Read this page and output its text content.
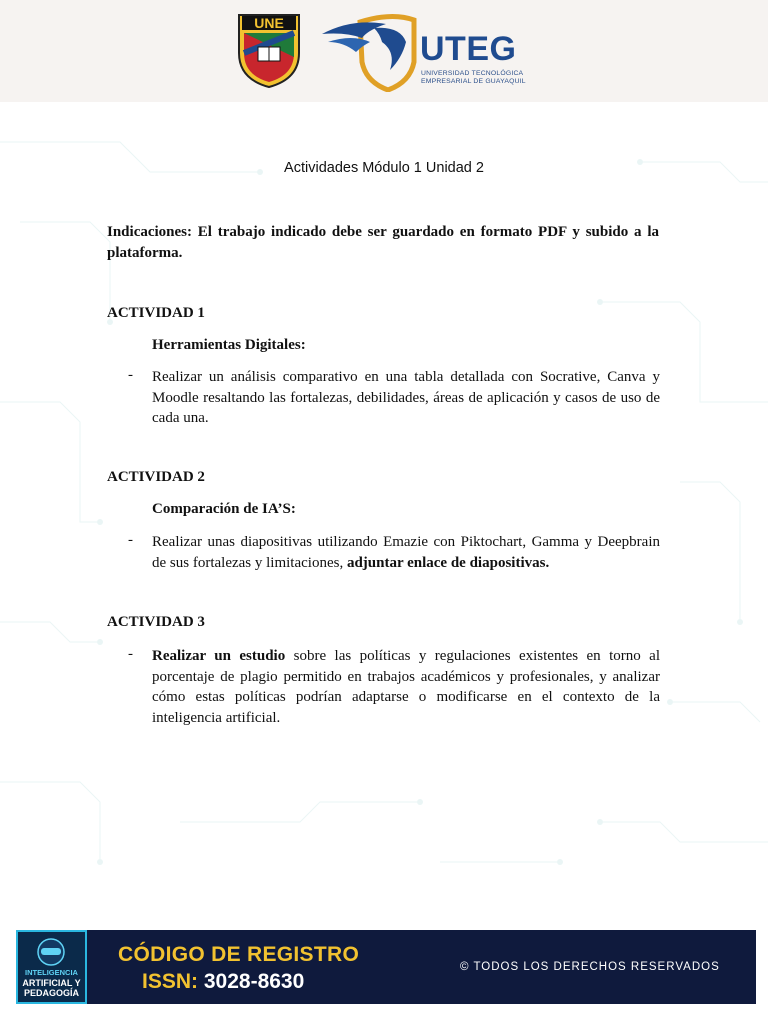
UNE
UTEG
UNIVERSIDAD TECNOLÓGICA
EMPRESARIAL DE GUAYAQUIL
Actividades Módulo 1 Unidad 2
Indicaciones: El trabajo indicado debe ser guardado en formato PDF y subido a la plataforma.
ACTIVIDAD 1
Herramientas Digitales:
- Realizar un análisis comparativo en una tabla detallada con Socrative, Canva y Moodle resaltando las fortalezas, debilidades, áreas de aplicación y casos de uso de cada una.
ACTIVIDAD 2
Comparación de IA’S:
- Realizar unas diapositivas utilizando Emazie con Piktochart, Gamma y Deepbrain de sus fortalezas y limitaciones, adjuntar enlace de diapositivas.
ACTIVIDAD 3
- Realizar un estudio sobre las políticas y regulaciones existentes en torno al porcentaje de plagio permitido en trabajos académicos y profesionales, y analizar cómo estas políticas podrían adaptarse o modificarse en el contexto de la inteligencia artificial.
INTELIGENCIA
ARTIFICIAL Y
PEDAGOGÍA
CÓDIGO DE REGISTRO
ISSN: 3028-8630
© TODOS LOS DERECHOS RESERVADOS
